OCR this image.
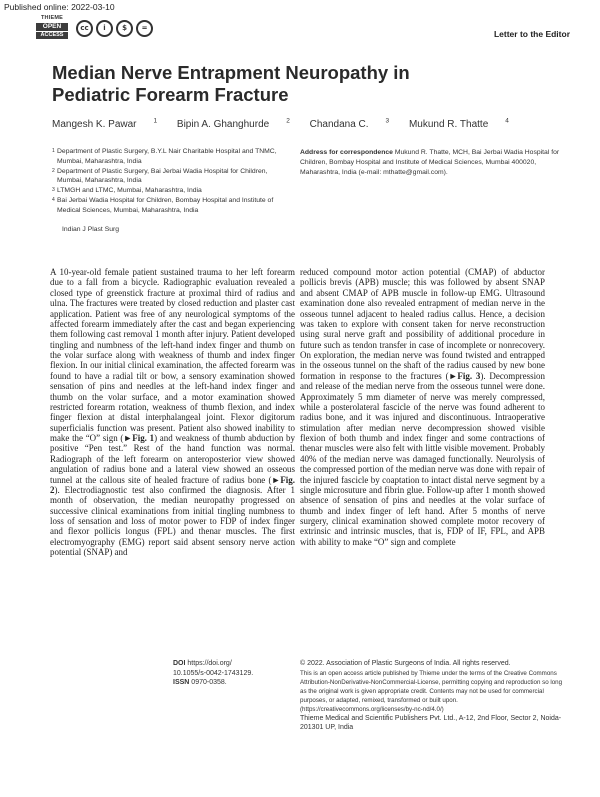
Published online: 2022-03-10
THIEME
OPEN
ACCESS
cc	i	$	=
Letter to the Editor
Median Nerve Entrapment Neuropathy in Pediatric Forearm Fracture
Mangesh K. Pawar	$^1$ Bipin A. Ghanghurde	$^2$ Chandana C.	$^3$ Mukund R. Thatte	$^4$
1 Department of Plastic Surgery, B.Y.L Nair Charitable Hospital and TNMC, Mumbai, Maharashtra, India
2 Department of Plastic Surgery, Bai Jerbai Wadia Hospital for Children, Mumbai, Maharashtra, India
3 LTMGH and LTMC, Mumbai, Maharashtra, India
4 Bai Jerbai Wadia Hospital for Children, Bombay Hospital and Institute of Medical Sciences, Mumbai, Maharashtra, India
Address for correspondence Mukund R. Thatte, MCH, Bai Jerbai Wadia Hospital for Children, Bombay Hospital and Institute of Medical Sciences, Mumbai 400020, Maharashtra, India (e-mail: mthatte@gmail.com).
Indian J Plast Surg

A 10-year-old female patient sustained trauma to her left forearm due to a fall from a bicycle. Radiographic evaluation revealed a closed type of greenstick fracture at proximal third of radius and ulna. The fractures were treated by closed reduction and plaster cast application. Patient was free of any neurological symptoms of the affected forearm immediately after the cast and began experiencing them following cast removal 1 month after injury. Patient developed tingling and numbness of the left-hand index finger and thumb on the volar surface along with weakness of thumb and index finger flexion. In our initial clinical examination, the affected forearm was found to have a radial tilt or bow, a sensory examination showed sensation of pins and needles at the left-hand index finger and thumb on the volar surface, and a motor examination showed restricted forearm rotation, weakness of thumb flexion, and index finger flexion at distal interphalangeal joint. Flexor digitorum superficialis function was present. Patient also showed inability to make the “O” sign (►Fig. 1) and weakness of thumb abduction by positive “Pen test.” Rest of the hand function was normal. Radiograph of the left forearm on anteroposterior view showed angulation of radius bone and a lateral view showed an osseous tunnel at the callous site of healed fracture of radius bone (►Fig. 2). Electrodiagnostic test also confirmed the diagnosis. After 1 month of observation, the median neuropathy progressed on successive clinical examinations from initial tingling numbness to loss of sensation and loss of motor power to FDP of index finger and flexor pollicis longus (FPL) and thenar muscles. The first electromyography (EMG) report said absent sensory nerve action potential (SNAP) and

reduced compound motor action potential (CMAP) of abductor pollicis brevis (APB) muscle; this was followed by absent SNAP and absent CMAP of APB muscle in follow-up EMG. Ultrasound examination done also revealed entrapment of median nerve in the osseous tunnel adjacent to healed radius callus. Hence, a decision was taken to explore with consent taken for nerve reconstruction using sural nerve graft and possibility of additional procedure in future such as tendon transfer in case of incomplete or nonrecovery. On exploration, the median nerve was found twisted and entrapped in the osseous tunnel on the shaft of the radius caused by new bone formation in response to the fractures (►Fig. 3). Decompression and release of the median nerve from the osseous tunnel were done. Approximately 5 mm diameter of nerve was merely compressed, while a posterolateral fascicle of the nerve was found adherent to radius bone, and it was injured and discontinuous. Intraoperative stimulation after median nerve decompression showed visible flexion of both thumb and index finger and some contractions of thenar muscles were also felt with little visible movement. Probably 40% of the median nerve was damaged functionally. Neurolysis of the compressed portion of the median nerve was done with repair of the injured fascicle by coaptation to intact distal nerve segment by a single microsuture and fibrin glue. Follow-up after 1 month showed absence of sensation of pins and needles at the volar surface of thumb and index finger of left hand. After 5 months of nerve surgery, clinical examination showed complete motor recovery of extrinsic and intrinsic muscles, that is, FDP of IF, FPL, and APB with ability to make “O” sign and complete

DOI https://doi.org/
10.1055/s-0042-1743129.
ISSN 0970-0358.
© 2022. Association of Plastic Surgeons of India. All rights reserved.
This is an open access article published by Thieme under the terms of the Creative Commons Attribution-NonDerivative-NonCommercial-License, permitting copying and reproduction so long as the original work is given appropriate credit. Contents may not be used for commercial purposes, or adapted, remixed, transformed or built upon. (https://creativecommons.org/licenses/by-nc-nd/4.0/)
Thieme Medical and Scientific Publishers Pvt. Ltd., A-12, 2nd Floor, Sector 2, Noida-201301 UP, India
